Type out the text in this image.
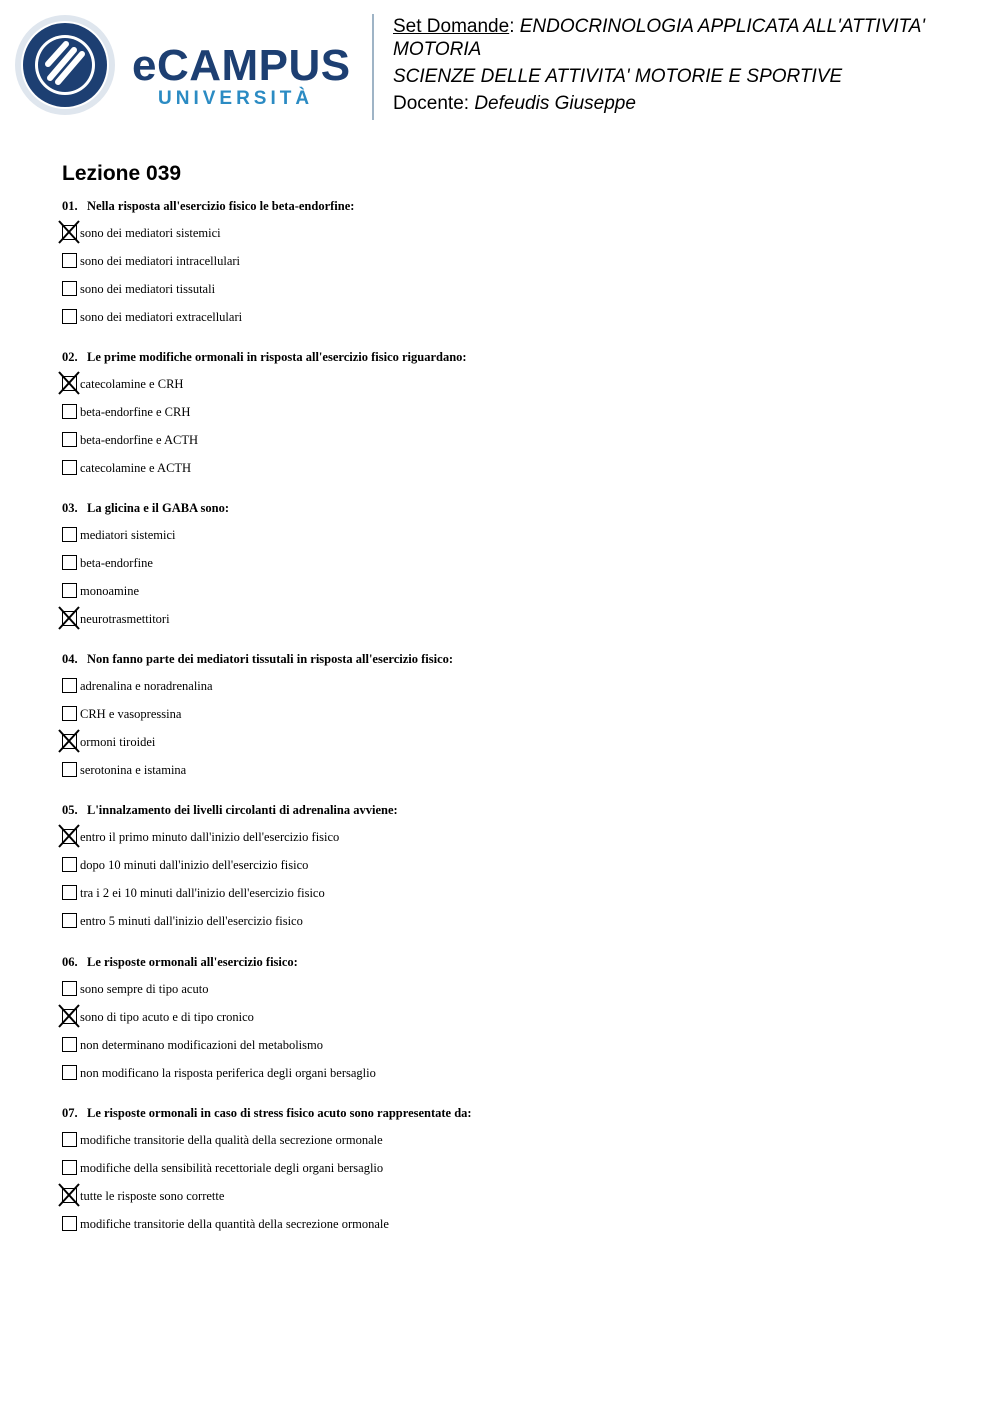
eCAMPUS
UNIVERSITÀ

Set Domande: ENDOCRINOLOGIA APPLICATA ALL'ATTIVITA' MOTORIA

SCIENZE DELLE ATTIVITA' MOTORIE E SPORTIVE

Docente: Defeudis Giuseppe

Lezione 039
01. Nella risposta all'esercizio fisico le beta-endorfine:
sono dei mediatori sistemici
sono dei mediatori intracellulari
sono dei mediatori tissutali
sono dei mediatori extracellulari
02. Le prime modifiche ormonali in risposta all'esercizio fisico riguardano:
catecolamine e CRH
beta-endorfine e CRH
beta-endorfine e ACTH
catecolamine e ACTH
03. La glicina e il GABA sono:
mediatori sistemici
beta-endorfine
monoamine
neurotrasmettitori
04. Non fanno parte dei mediatori tissutali in risposta all'esercizio fisico:
adrenalina e noradrenalina
CRH e vasopressina
ormoni tiroidei
serotonina e istamina
05. L'innalzamento dei livelli circolanti di adrenalina avviene:
entro il primo minuto dall'inizio dell'esercizio fisico
dopo 10 minuti dall'inizio dell'esercizio fisico
tra i 2 ei 10 minuti dall'inizio dell'esercizio fisico
entro 5 minuti dall'inizio dell'esercizio fisico
06. Le risposte ormonali all'esercizio fisico:
sono sempre di tipo acuto
sono di tipo acuto e di tipo cronico
non determinano modificazioni del metabolismo
non modificano la risposta periferica degli organi bersaglio
07. Le risposte ormonali in caso di stress fisico acuto sono rappresentate da:
modifiche transitorie della qualità della secrezione ormonale
modifiche della sensibilità recettoriale degli organi bersaglio
tutte le risposte sono corrette
modifiche transitorie della quantità della secrezione ormonale
